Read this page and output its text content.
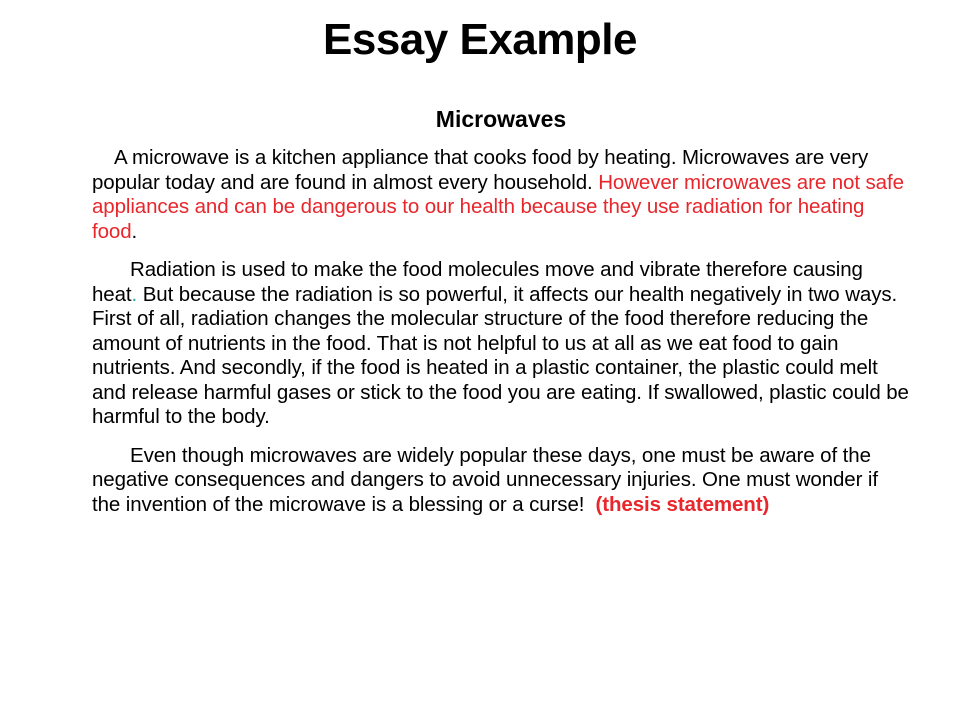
Essay Example
Microwaves

A microwave is a kitchen appliance that cooks food by heating. Microwaves are very popular today and are found in almost every household. However microwaves are not safe appliances and can be dangerous to our health because they use radiation for heating food.

Radiation is used to make the food molecules move and vibrate therefore causing heat. But because the radiation is so powerful, it affects our health negatively in two ways. First of all, radiation changes the molecular structure of the food therefore reducing the amount of nutrients in the food. That is not helpful to us at all as we eat food to gain nutrients. And secondly, if the food is heated in a plastic container, the plastic could melt and release harmful gases or stick to the food you are eating. If swallowed, plastic could be harmful to the body.

Even though microwaves are widely popular these days, one must be aware of the negative consequences and dangers to avoid unnecessary injuries. One must wonder if the invention of the microwave is a blessing or a curse!  (thesis statement)
